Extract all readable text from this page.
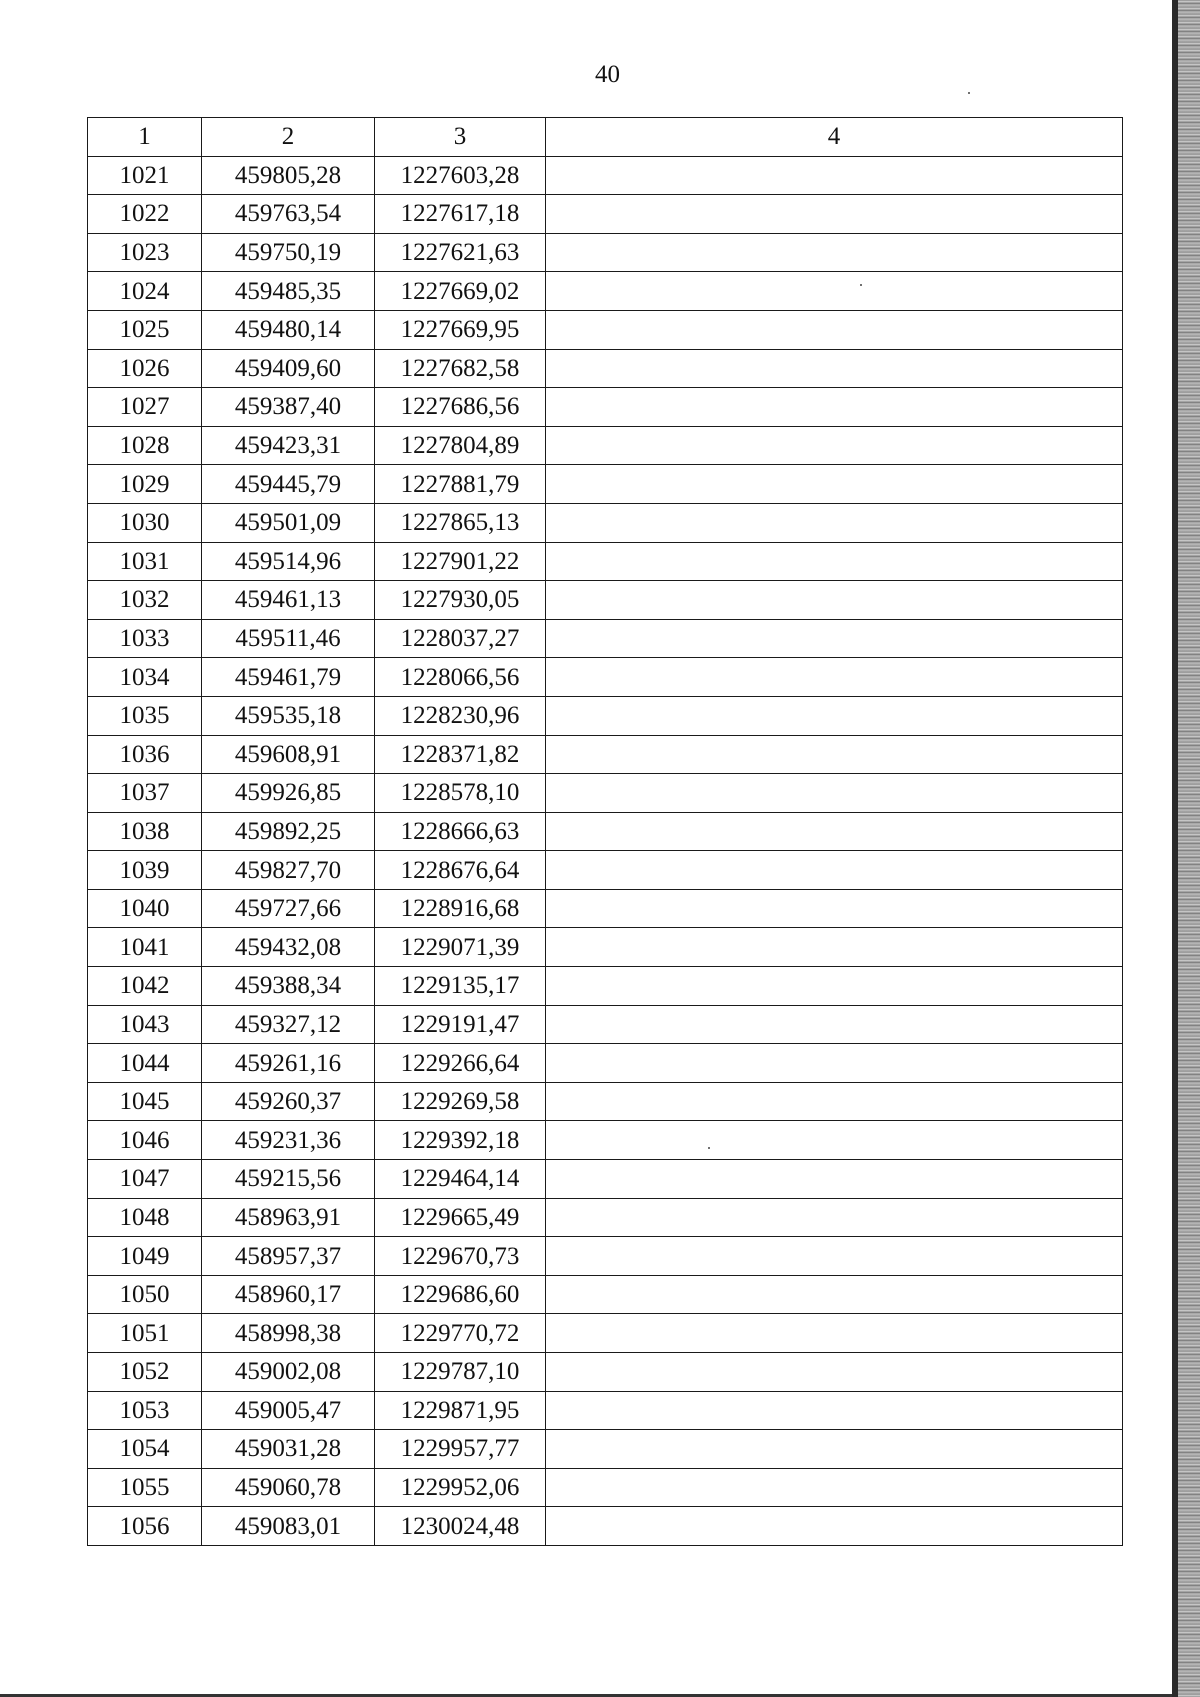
40
1	2	3	4
1021	459805,28	1227603,28	
1022	459763,54	1227617,18	
1023	459750,19	1227621,63	
1024	459485,35	1227669,02	
1025	459480,14	1227669,95	
1026	459409,60	1227682,58	
1027	459387,40	1227686,56	
1028	459423,31	1227804,89	
1029	459445,79	1227881,79	
1030	459501,09	1227865,13	
1031	459514,96	1227901,22	
1032	459461,13	1227930,05	
1033	459511,46	1228037,27	
1034	459461,79	1228066,56	
1035	459535,18	1228230,96	
1036	459608,91	1228371,82	
1037	459926,85	1228578,10	
1038	459892,25	1228666,63	
1039	459827,70	1228676,64	
1040	459727,66	1228916,68	
1041	459432,08	1229071,39	
1042	459388,34	1229135,17	
1043	459327,12	1229191,47	
1044	459261,16	1229266,64	
1045	459260,37	1229269,58	
1046	459231,36	1229392,18	
1047	459215,56	1229464,14	
1048	458963,91	1229665,49	
1049	458957,37	1229670,73	
1050	458960,17	1229686,60	
1051	458998,38	1229770,72	
1052	459002,08	1229787,10	
1053	459005,47	1229871,95	
1054	459031,28	1229957,77	
1055	459060,78	1229952,06	
1056	459083,01	1230024,48	
